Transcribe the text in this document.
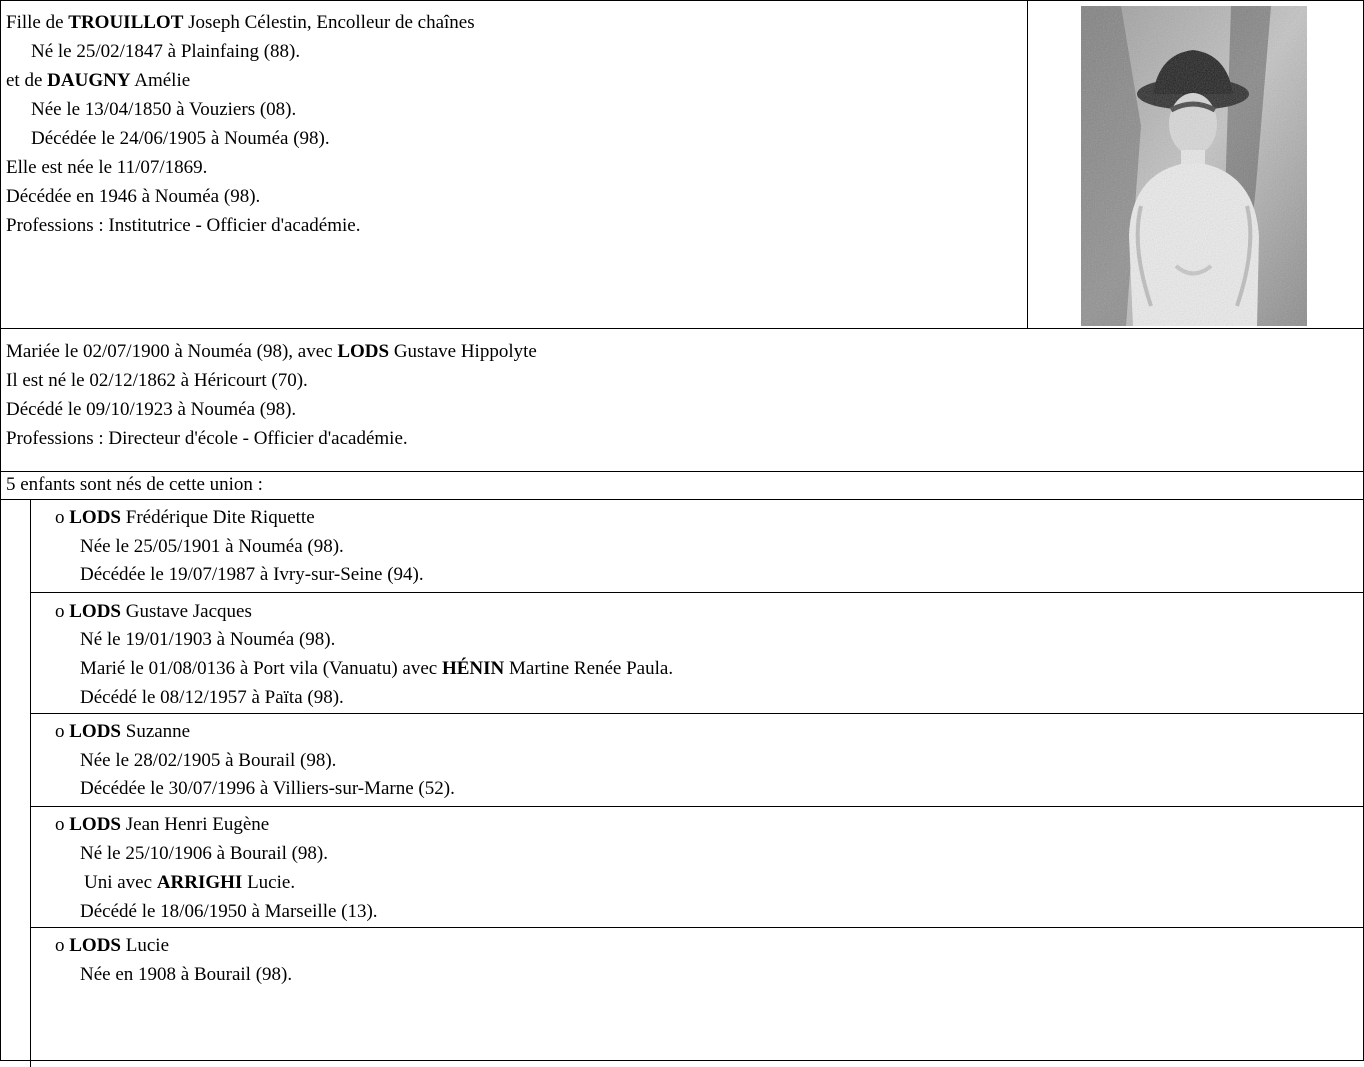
Fille de TROUILLOT Joseph Célestin, Encolleur de chaînes
Né le 25/02/1847 à Plainfaing (88).
et de DAUGNY Amélie
Née le 13/04/1850 à Vouziers (08).
Décédée le 24/06/1905 à Nouméa (98).
Elle est née le 11/07/1869.
Décédée en 1946 à Nouméa (98).
Professions : Institutrice - Officier d'académie.
Mariée le 02/07/1900 à Nouméa (98), avec LODS Gustave Hippolyte
Il est né le 02/12/1862 à Héricourt (70).
Décédé le 09/10/1923 à Nouméa (98).
Professions : Directeur d'école - Officier d'académie.
5 enfants sont nés de cette union :
o LODS Frédérique Dite Riquette
Née le 25/05/1901 à Nouméa (98).
Décédée le 19/07/1987 à Ivry-sur-Seine (94).
o LODS Gustave Jacques
Né le 19/01/1903 à Nouméa (98).
Marié le 01/08/0136 à Port vila (Vanuatu) avec HÉNIN Martine Renée Paula.
Décédé le 08/12/1957 à Païta (98).
o LODS Suzanne
Née le 28/02/1905 à Bourail (98).
Décédée le 30/07/1996 à Villiers-sur-Marne (52).
o LODS Jean Henri Eugène
Né le 25/10/1906 à Bourail (98).
Uni avec ARRIGHI Lucie.
Décédé le 18/06/1950 à Marseille (13).
o LODS Lucie
Née en 1908 à Bourail (98).
